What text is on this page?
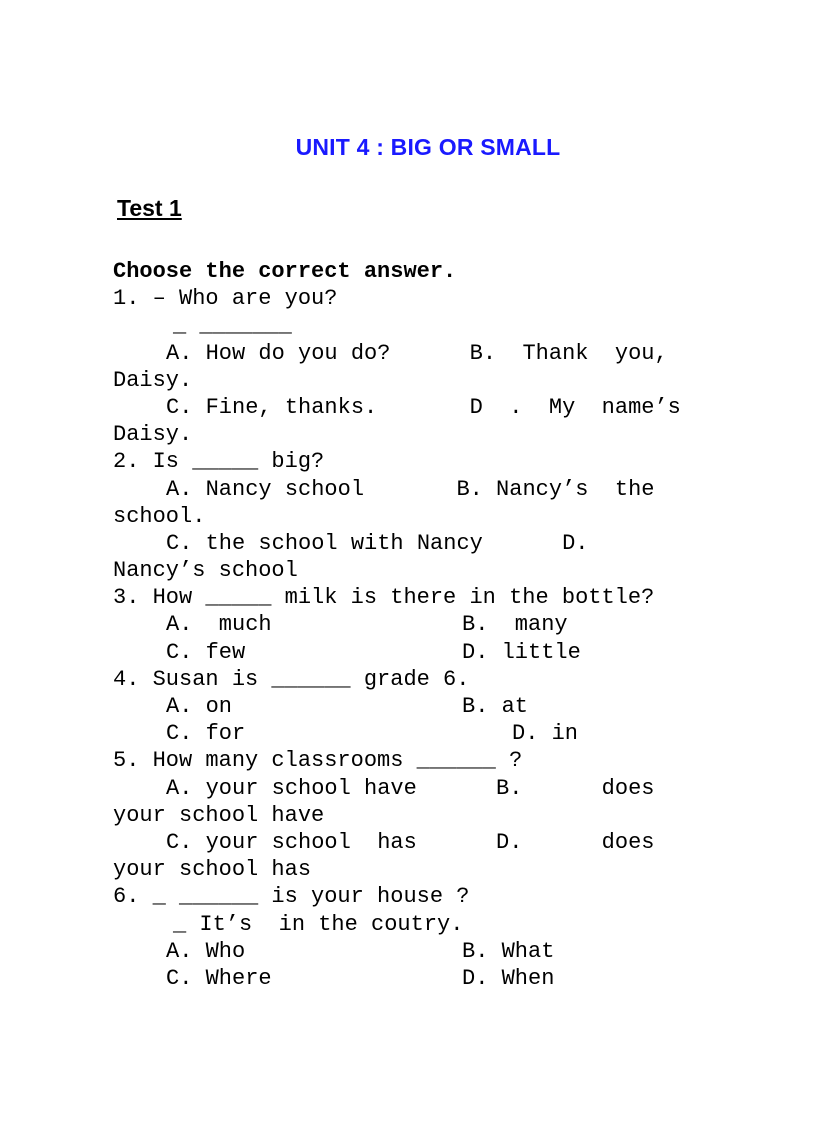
UNIT 4 : BIG OR SMALL
Test 1
Choose the correct answer.
1. – Who are you?
_ _______
A. How do you do?      B.  Thank  you,
Daisy.
C. Fine, thanks.       D  .  My  name’s
Daisy.
2. Is _____ big?
A. Nancy school       B. Nancy’s  the
school.
C. the school with Nancy      D.
Nancy’s school
3. How _____ milk is there in the bottle?
A.  much	B.  many
C. few	D. little
4. Susan is ______ grade 6.
A. on	B. at
C. for	D. in
5. How many classrooms ______ ?
A. your school have      B.      does
your school have
C. your school  has      D.      does
your school has
6. _ ______ is your house ?
_ It’s  in the coutry.
A. Who	B. What
C. Where	D. When
